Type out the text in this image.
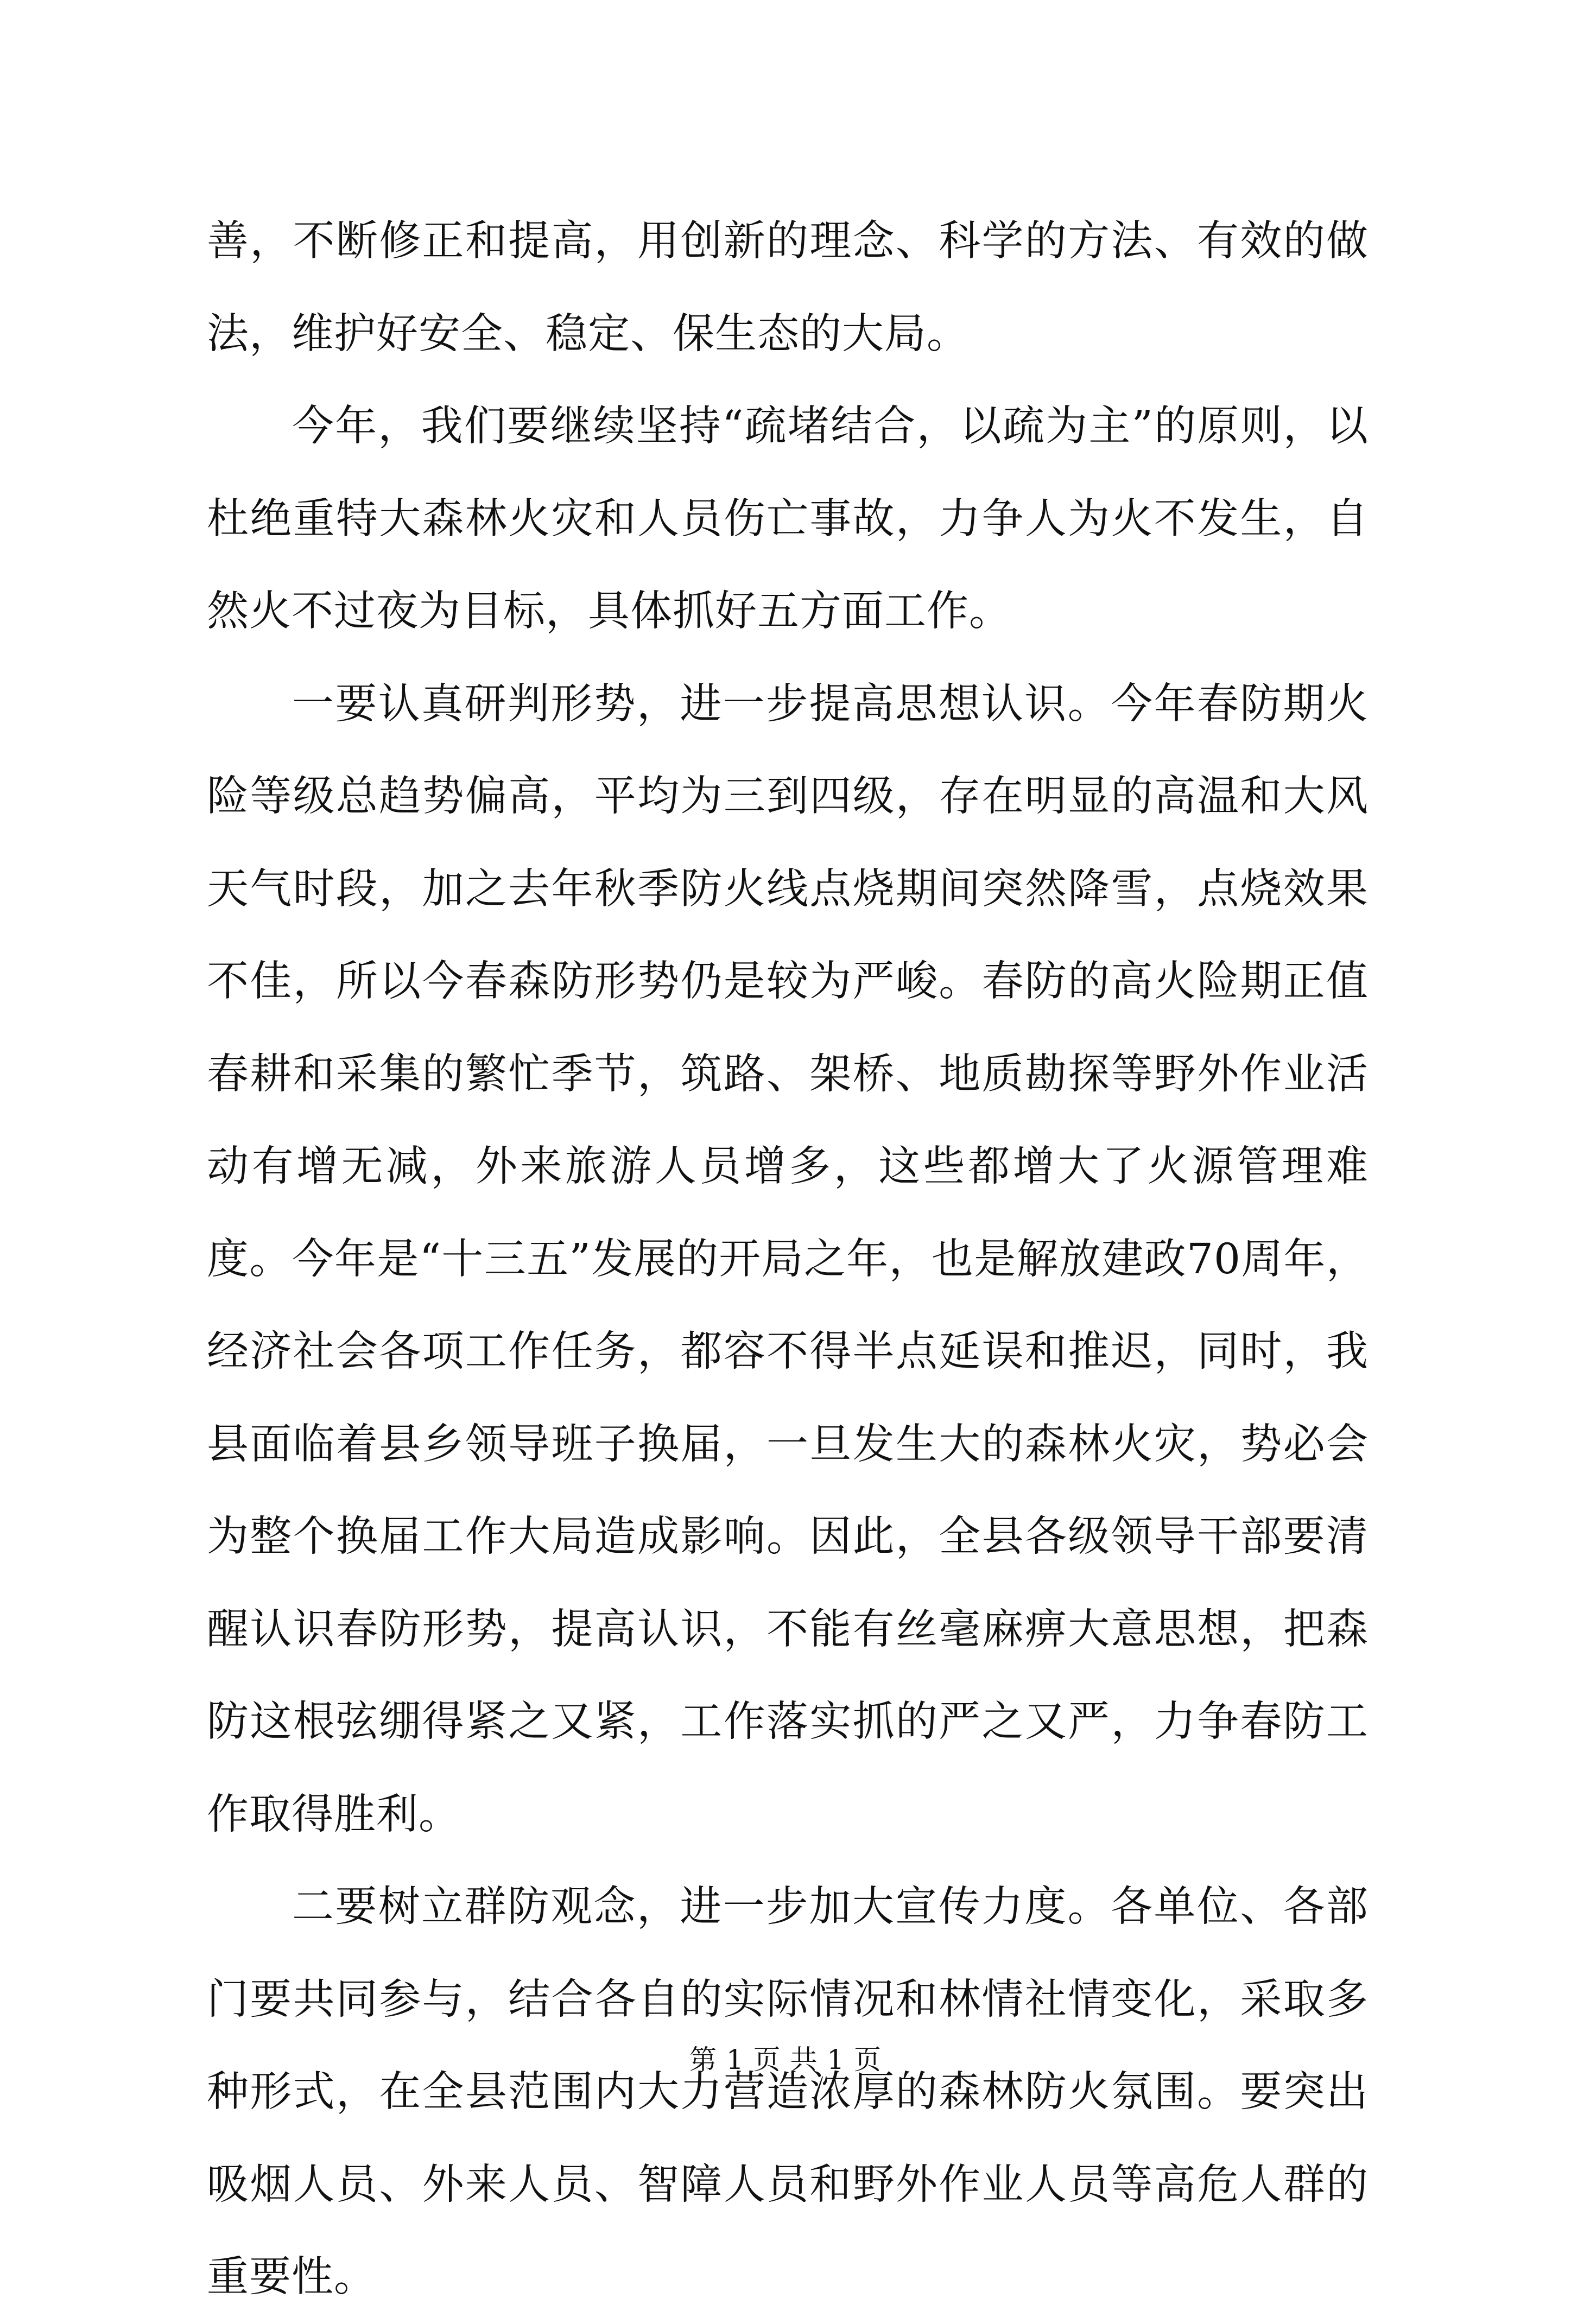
善，不断修正和提高，用创新的理念、科学的方法、有效的做法，维护好安全、稳定、保生态的大局。

今年，我们要继续坚持“疏堵结合，以疏为主”的原则，以杜绝重特大森林火灾和人员伤亡事故，力争人为火不发生，自然火不过夜为目标，具体抓好五方面工作。

一要认真研判形势，进一步提高思想认识。今年春防期火险等级总趋势偏高，平均为三到四级，存在明显的高温和大风天气时段，加之去年秋季防火线点烧期间突然降雪，点烧效果不佳，所以今春森防形势仍是较为严峻。春防的高火险期正值春耕和采集的繁忙季节，筑路、架桥、地质勘探等野外作业活动有增无减，外来旅游人员增多，这些都增大了火源管理难度。今年是“十三五”发展的开局之年，也是解放建政70周年，经济社会各项工作任务，都容不得半点延误和推迟，同时，我县面临着县乡领导班子换届，一旦发生大的森林火灾，势必会为整个换届工作大局造成影响。因此，全县各级领导干部要清醒认识春防形势，提高认识，不能有丝毫麻痹大意思想，把森防这根弦绷得紧之又紧，工作落实抓的严之又严，力争春防工作取得胜利。

二要树立群防观念，进一步加大宣传力度。各单位、各部门要共同参与，结合各自的实际情况和林情社情变化，采取多种形式，在全县范围内大力营造浓厚的森林防火氛围。要突出吸烟人员、外来人员、智障人员和野外作业人员等高危人群的重要性。

第 1 页 共 1 页
